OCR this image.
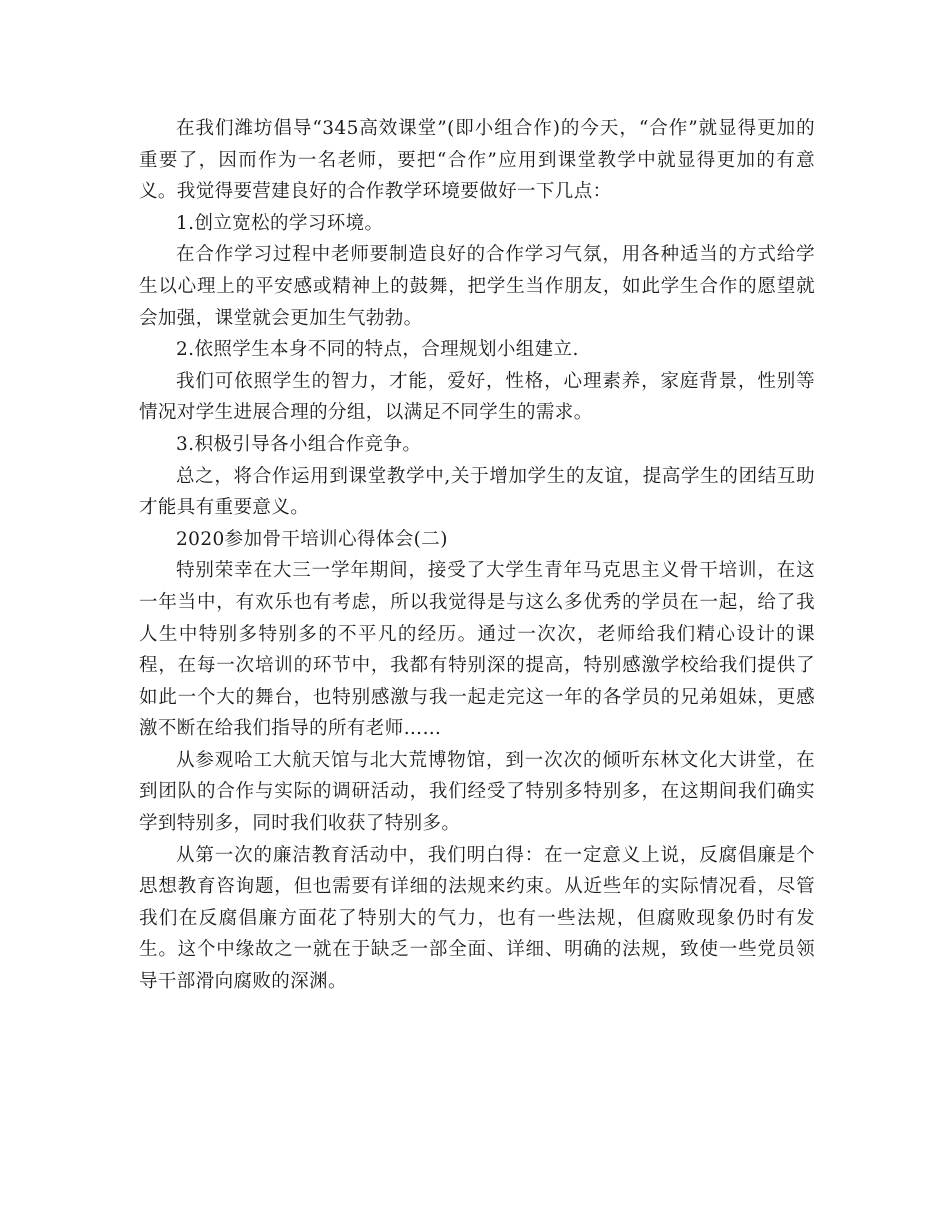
在我们潍坊倡导“345高效课堂”(即小组合作)的今天，“合作”就显得更加的重要了，因而作为一名老师，要把“合作”应用到课堂教学中就显得更加的有意义。我觉得要营建良好的合作教学环境要做好一下几点：

1.创立宽松的学习环境。

在合作学习过程中老师要制造良好的合作学习气氛，用各种适当的方式给学生以心理上的平安感或精神上的鼓舞，把学生当作朋友，如此学生合作的愿望就会加强，课堂就会更加生气勃勃。

2.依照学生本身不同的特点，合理规划小组建立.

我们可依照学生的智力，才能，爱好，性格，心理素养，家庭背景，性别等情况对学生进展合理的分组，以满足不同学生的需求。

3.积极引导各小组合作竞争。

总之，将合作运用到课堂教学中,关于增加学生的友谊，提高学生的团结互助才能具有重要意义。

2020参加骨干培训心得体会(二)

特别荣幸在大三一学年期间，接受了大学生青年马克思主义骨干培训，在这一年当中，有欢乐也有考虑，所以我觉得是与这么多优秀的学员在一起，给了我人生中特别多特别多的不平凡的经历。通过一次次，老师给我们精心设计的课程，在每一次培训的环节中，我都有特别深的提高，特别感激学校给我们提供了如此一个大的舞台，也特别感激与我一起走完这一年的各学员的兄弟姐妹，更感激不断在给我们指导的所有老师……

从参观哈工大航天馆与北大荒博物馆，到一次次的倾听东林文化大讲堂，在到团队的合作与实际的调研活动，我们经受了特别多特别多，在这期间我们确实学到特别多，同时我们收获了特别多。

从第一次的廉洁教育活动中，我们明白得：在一定意义上说，反腐倡廉是个思想教育咨询题，但也需要有详细的法规来约束。从近些年的实际情况看，尽管我们在反腐倡廉方面花了特别大的气力，也有一些法规，但腐败现象仍时有发生。这个中缘故之一就在于缺乏一部全面、详细、明确的法规，致使一些党员领导干部滑向腐败的深渊。
